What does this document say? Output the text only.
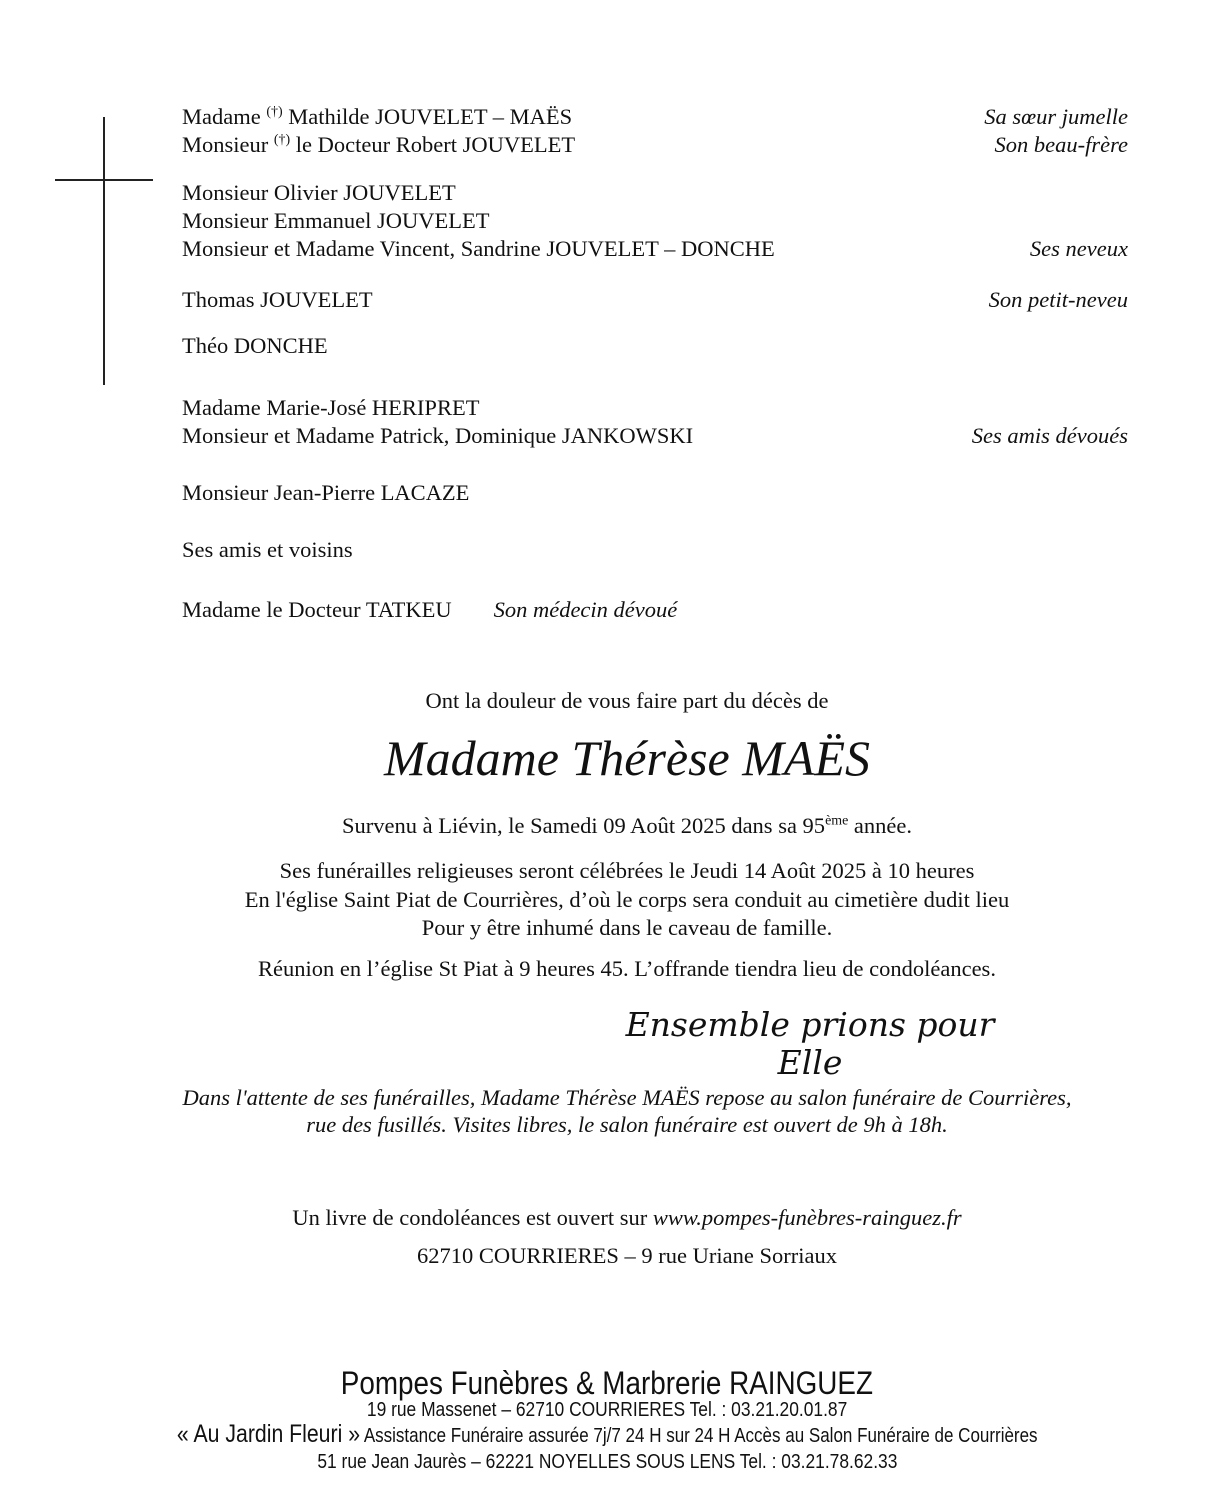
Madame (†) Mathilde JOUVELET – MAËS	Sa sœur jumelle
Monsieur (†) le Docteur Robert JOUVELET	Son beau-frère
Monsieur Olivier JOUVELET
Monsieur Emmanuel JOUVELET
Monsieur et Madame Vincent, Sandrine JOUVELET – DONCHE	Ses neveux
Thomas JOUVELET	Son petit-neveu
Théo DONCHE
Madame Marie-José HERIPRET
Monsieur et Madame Patrick, Dominique JANKOWSKI	Ses amis dévoués
Monsieur Jean-Pierre LACAZE
Ses amis et voisins
Madame le Docteur TATKEU Son médecin dévoué
Ont la douleur de vous faire part du décès de
Madame Thérèse MAËS
Survenu à Liévin, le Samedi 09 Août 2025 dans sa 95ème année.
Ses funérailles religieuses seront célébrées le Jeudi 14 Août 2025 à 10 heures
En l'église Saint Piat de Courrières, d’où le corps sera conduit au cimetière dudit lieu
Pour y être inhumé dans le caveau de famille.
Réunion en l’église St Piat à 9 heures 45. L’offrande tiendra lieu de condoléances.
Ensemble prions pour Elle
Dans l'attente de ses funérailles, Madame Thérèse MAËS repose au salon funéraire de Courrières,
rue des fusillés. Visites libres, le salon funéraire est ouvert de 9h à 18h.
Un livre de condoléances est ouvert sur www.pompes-funèbres-rainguez.fr
62710 COURRIERES – 9 rue Uriane Sorriaux
Pompes Funèbres & Marbrerie RAINGUEZ
19 rue Massenet – 62710 COURRIERES Tel. : 03.21.20.01.87
« Au Jardin Fleuri » Assistance Funéraire assurée 7j/7 24 H sur 24 H Accès au Salon Funéraire de Courrières
51 rue Jean Jaurès – 62221 NOYELLES SOUS LENS Tel. : 03.21.78.62.33
